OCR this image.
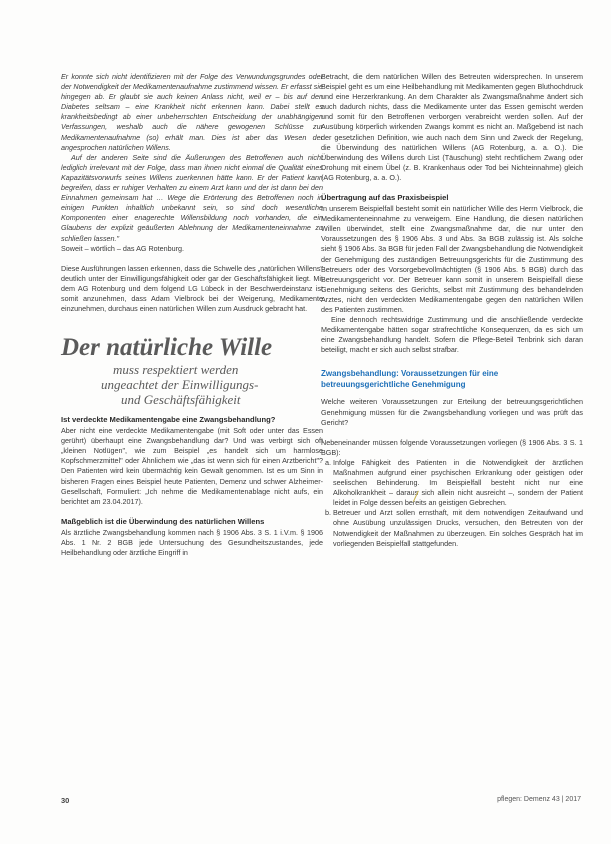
Er konnte sich nicht identifizieren mit der Folge des Verwundungsgrundes oder der Notwendigkeit der Medikamentenaufnahme zustimmend wissen. Er erfasst sie hingegen ab. Er glaubt sie auch keinen Anlass nicht, weil er – bis auf den Diabetes seltsam – eine Krankheit nicht erkennen kann. Dabei stellt es krankheitsbedingt ab einer unbeherrschten Entscheidung der unabhängigen Verfassungen, weshalb auch die nähere gewogenen Schlüsse zur Medikamentenaufnahme (so) erhält man. Dies ist aber das Wesen der angesprochen natürlichen Willens.

Auf der anderen Seite sind die Äußerungen des Betroffenen auch nicht lediglich irrelevant mit der Folge, dass man ihnen nicht einmal die Qualität eines Kapazitätsvorwurfs seines Willens zuerkennen hätte kann. Er der Patient kann begreifen, dass er ruhiger Verhalten zu einem Arzt kann und der ist dann bei den Einnahmen gemeinsam hat … Wege die Erörterung des Betroffenen noch in einigen Punkten inhaltlich unbekannt sein, so sind doch wesentliche Komponenten einer enagerechte Willensbildung noch vorhanden, die ein Glaubens der explizit geäußerten Ablehnung der Medikamenteneinnahme zu schließen lassen."

Soweit – wörtlich – das AG Rotenburg.

Diese Ausführungen lassen erkennen, dass die Schwelle des „natürlichen Willens" deutlich unter der Einwilligungsfähigkeit oder gar der Geschäftsfähigkeit liegt. Mit dem AG Rotenburg und dem folgend LG Lübeck in der Beschwerdeinstanz ist somit anzunehmen, dass Adam Vielbrock bei der Weigerung, Medikamente einzunehmen, durchaus einen natürlichen Willen zum Ausdruck gebracht hat.

Der natürliche Wille
muss respektiert werden
ungeachtet der Einwilligungs-
und Geschäftsfähigkeit
Ist verdeckte Medikamentengabe eine Zwangsbehandlung?

Aber nicht eine verdeckte Medikamentengabe (mit Soft oder unter das Essen gerührt) überhaupt eine Zwangsbehandlung dar? Und was verbirgt sich oft „kleinen Notlügen", wie zum Beispiel „es handelt sich um harmlose Kopfschmerzmittel" oder Ähnlichem wie „das ist wenn sich für einen Arztbericht"? Den Patienten wird kein übermächtig kein Gewalt genommen. Ist es um Sinn in bisheren Fragen eines Beispiel heute Patienten, Demenz und schwer Alzheimer-Gesellschaft, Formuliert: „Ich nehme die Medikamentenablage nicht aufs, ein berichtet am 23.04.2017).

Maßgeblich ist die Überwindung des natürlichen Willens

Als ärztliche Zwangsbehandlung kommen nach § 1906 Abs. 3 S. 1 i.V.m. § 1906 Abs. 1 Nr. 2 BGB jede Untersuchung des Gesundheitszustandes, jede Heilbehandlung oder ärztliche Eingriff in

Betracht, die dem natürlichen Willen des Betreuten widersprechen. In unserem Beispiel geht es um eine Heilbehandlung mit Medikamenten gegen Bluthochdruck und eine Herzerkrankung. An dem Charakter als Zwangsmaßnahme ändert sich auch dadurch nichts, dass die Medikamente unter das Essen gemischt werden und somit für den Betroffenen verborgen verabreicht werden sollen. Auf der Ausübung körperlich wirkenden Zwangs kommt es nicht an. Maßgebend ist nach der gesetzlichen Definition, wie auch nach dem Sinn und Zweck der Regelung, die Überwindung des natürlichen Willens (AG Rotenburg, a. a. O.). Die Überwindung des Willens durch List (Täuschung) steht rechtlichem Zwang oder Drohung mit einem Übel (z. B. Krankenhaus oder Tod bei Nichteinnahme) gleich (AG Rotenburg, a. a. O.).

Übertragung auf das Praxisbeispiel

In unserem Beispielfall besteht somit ein natürlicher Wille des Herrn Vielbrock, die Medikamenteneinnahme zu verweigern. Eine Handlung, die diesen natürlichen Willen überwindet, stellt eine Zwangsmaßnahme dar, die nur unter den Voraussetzungen des § 1906 Abs. 3 und Abs. 3a BGB zulässig ist. Als solche sieht § 1906 Abs. 3a BGB für jeden Fall der Zwangsbehandlung die Notwendigkeit der Genehmigung des zuständigen Betreuungsgerichts für die Zustimmung des Betreuers oder des Vorsorgebevollmächtigten (§ 1906 Abs. 5 BGB) durch das Betreuungsgericht vor. Der Betreuer kann somit in unserem Beispielfall diese Genehmigung seitens des Gerichts, selbst mit Zustimmung des behandelnden Arztes, nicht den verdeckten Medikamentengabe gegen den natürlichen Willen des Patienten zustimmen.

Eine dennoch rechtswidrige Zustimmung und die anschließende verdeckte Medikamentengabe hätten sogar strafrechtliche Konsequenzen, da es sich um eine Zwangsbehandlung handelt. Sofern die Pflege-Beteil Tenbrink sich daran beteiligt, macht er sich auch selbst strafbar.

Zwangsbehandlung: Voraussetzungen für eine betreuungsgerichtliche Genehmigung

Welche weiteren Voraussetzungen zur Erteilung der betreuungsgerichtlichen Genehmigung müssen für die Zwangsbehandlung vorliegen und was prüft das Gericht?

Nebeneinander müssen folgende Voraussetzungen vorliegen (§ 1906 Abs. 3 S. 1 BGB):

a. Infolge Fähigkeit des Patienten in die Notwendigkeit der ärztlichen Maßnahmen aufgrund einer psychischen Erkrankung oder geistigen oder seelischen Behinderung. Im Beispielfall besteht nicht nur eine Alkoholkrankheit – daraus sich allein nicht ausreicht –, sondern der Patient leidet in Folge dessen bereits an geistigen Gebrechen.
b. Betreuer und Arzt sollen ernsthaft, mit dem notwendigen Zeitaufwand und ohne Ausübung unzulässigen Drucks, versuchen, den Betreuten von der Notwendigkeit der Maßnahmen zu überzeugen. Ein solches Gespräch hat im vorliegenden Beispielfall stattgefunden.
30	pflegen: Demenz 43 | 2017
